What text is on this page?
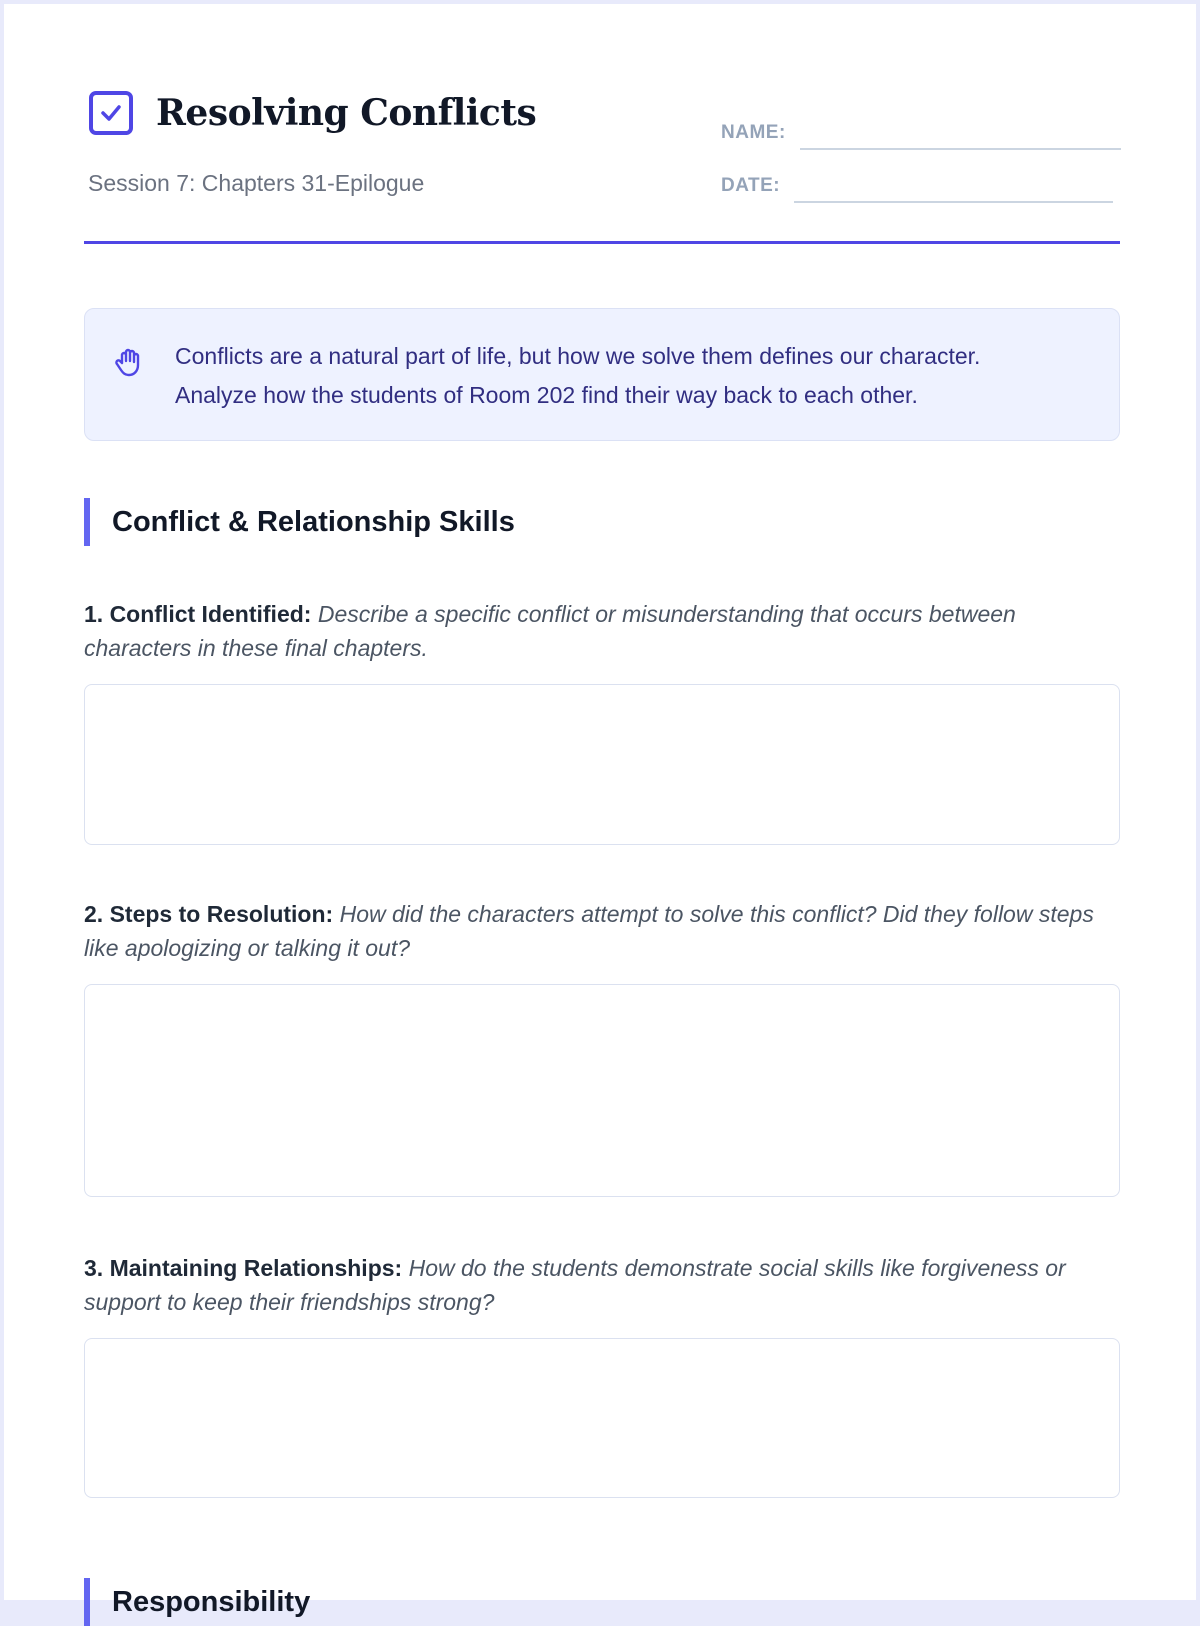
Resolving Conflicts
Session 7: Chapters 31-Epilogue
NAME:
DATE:
Conflicts are a natural part of life, but how we solve them defines our character.
Analyze how the students of Room 202 find their way back to each other.
Conflict & Relationship Skills
1. Conflict Identified: Describe a specific conflict or misunderstanding that occurs between characters in these final chapters.
2. Steps to Resolution: How did the characters attempt to solve this conflict? Did they follow steps like apologizing or talking it out?
3. Maintaining Relationships: How do the students demonstrate social skills like forgiveness or support to keep their friendships strong?
Responsibility
